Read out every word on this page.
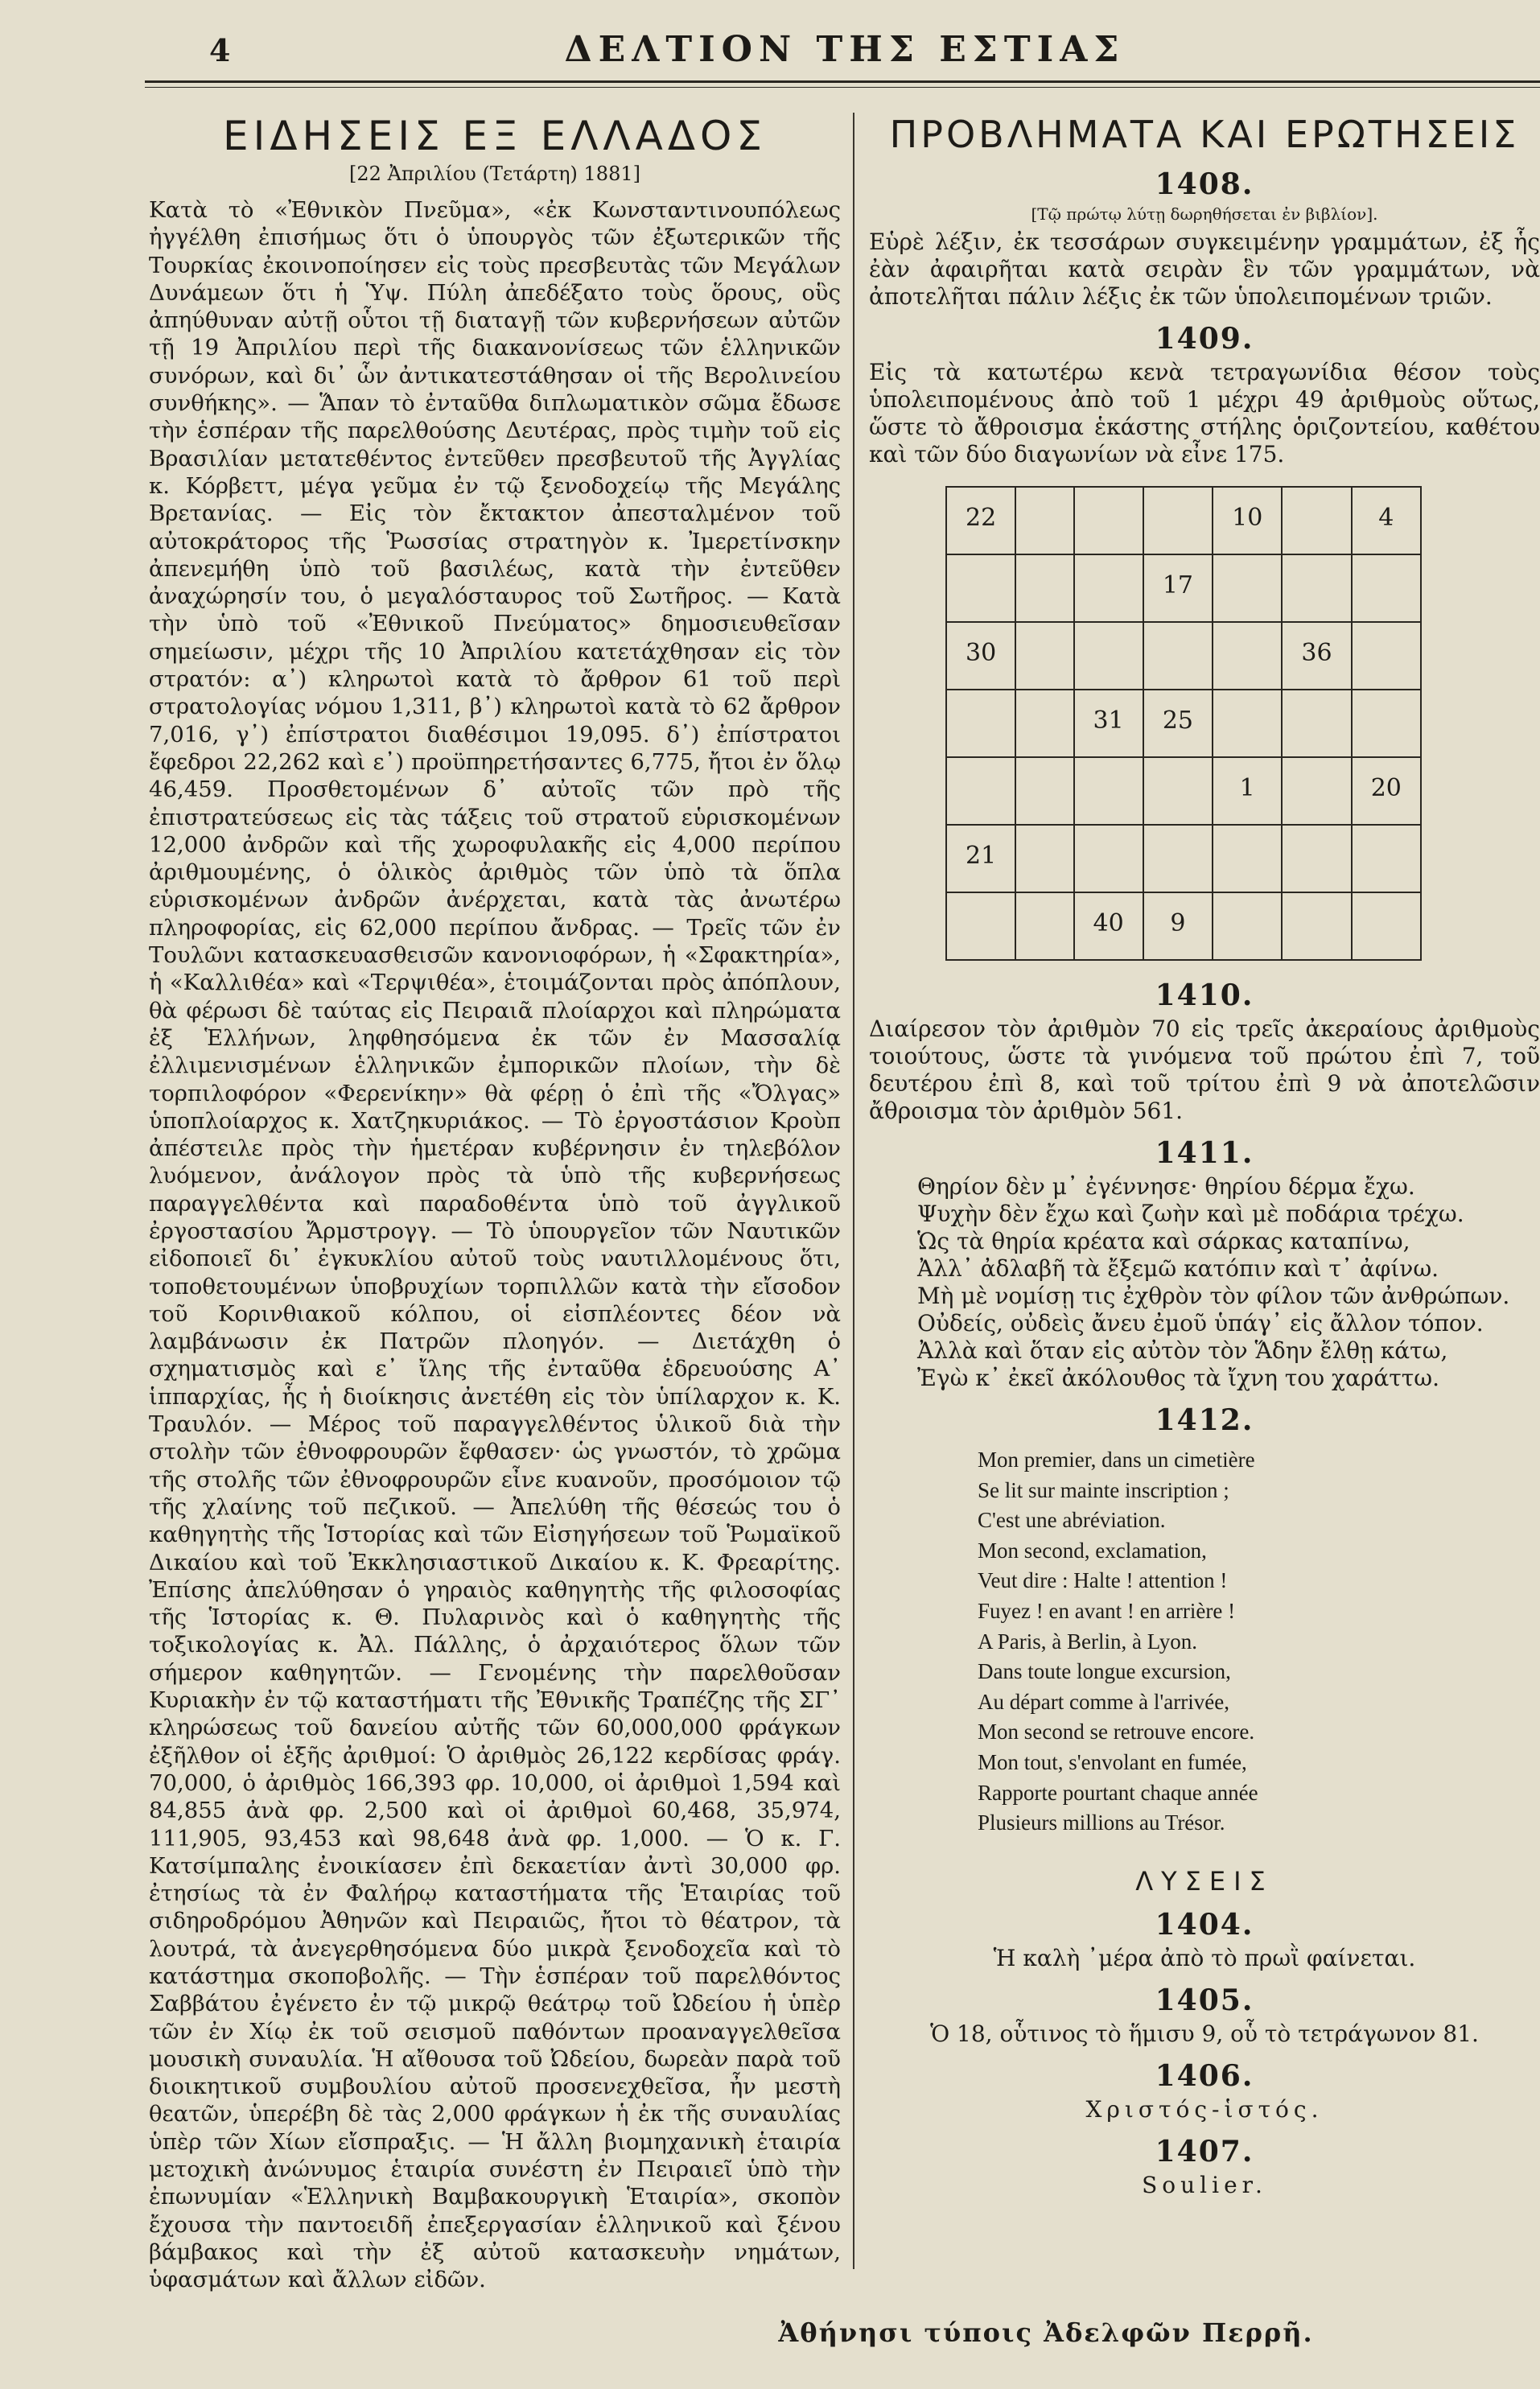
4	ΔΕΛΤΙΟΝ ΤΗΣ ΕΣΤΙΑΣ
ΕΙΔΗΣΕΙΣ ΕΞ ΕΛΛΑΔΟΣ
[22 Ἀπριλίου (Τετάρτη) 1881]

Κατὰ τὸ «Ἐθνικὸν Πνεῦμα», «ἐκ Κωνσταντινουπόλεως ἠγγέλθη ἐπισήμως ὅτι ὁ ὑπουργὸς τῶν ἐξωτερικῶν τῆς Τουρκίας ἐκοινοποίησεν εἰς τοὺς πρεσβευτὰς τῶν Μεγάλων Δυνάμεων ὅτι ἡ Ὑψ. Πύλη ἀπεδέξατο τοὺς ὅρους, οὓς ἀπηύθυναν αὐτῇ οὗτοι τῇ διαταγῇ τῶν κυβερνήσεων αὐτῶν τῇ 19 Ἀπριλίου περὶ τῆς διακανονίσεως τῶν ἑλληνικῶν συνόρων, καὶ δι᾽ ὧν ἀντικατεστάθησαν οἱ τῆς Βερολινείου συνθήκης». — Ἅπαν τὸ ἐνταῦθα διπλωματικὸν σῶμα ἔδωσε τὴν ἑσπέραν τῆς παρελθούσης Δευτέρας, πρὸς τιμὴν τοῦ εἰς Βρασιλίαν μετατεθέντος ἐντεῦθεν πρεσβευτοῦ τῆς Ἀγγλίας κ. Κόρβεττ, μέγα γεῦμα ἐν τῷ ξενοδοχείῳ τῆς Μεγάλης Βρετανίας. — Εἰς τὸν ἔκτακτον ἀπεσταλμένον τοῦ αὐτοκράτορος τῆς Ῥωσσίας στρατηγὸν κ. Ἰμερετίνσκην ἀπενεμήθη ὑπὸ τοῦ βασιλέως, κατὰ τὴν ἐντεῦθεν ἀναχώρησίν του, ὁ μεγαλόσταυρος τοῦ Σωτῆρος. — Κατὰ τὴν ὑπὸ τοῦ «Ἐθνικοῦ Πνεύματος» δημοσιευθεῖσαν σημείωσιν, μέχρι τῆς 10 Ἀπριλίου κατετάχθησαν εἰς τὸν στρατόν: α᾽) κληρωτοὶ κατὰ τὸ ἄρθρον 61 τοῦ περὶ στρατολογίας νόμου 1,311, β᾽) κληρωτοὶ κατὰ τὸ 62 ἄρθρον 7,016, γ᾽) ἐπίστρατοι διαθέσιμοι 19,095. δ᾽) ἐπίστρατοι ἔφεδροι 22,262 καὶ ε᾽) προϋπηρετήσαντες 6,775, ἤτοι ἐν ὅλῳ 46,459. Προσθετομένων δ᾽ αὐτοῖς τῶν πρὸ τῆς ἐπιστρατεύσεως εἰς τὰς τάξεις τοῦ στρατοῦ εὑρισκομένων 12,000 ἀνδρῶν καὶ τῆς χωροφυλακῆς εἰς 4,000 περίπου ἀριθμουμένης, ὁ ὁλικὸς ἀριθμὸς τῶν ὑπὸ τὰ ὅπλα εὑρισκομένων ἀνδρῶν ἀνέρχεται, κατὰ τὰς ἀνωτέρω πληροφορίας, εἰς 62,000 περίπου ἄνδρας. — Τρεῖς τῶν ἐν Τουλῶνι κατασκευασθεισῶν κανονιοφόρων, ἡ «Σφακτηρία», ἡ «Καλλιθέα» καὶ «Τερψιθέα», ἑτοιμάζονται πρὸς ἀπόπλουν, θὰ φέρωσι δὲ ταύτας εἰς Πειραιᾶ πλοίαρχοι καὶ πληρώματα ἐξ Ἑλλήνων, ληφθησόμενα ἐκ τῶν ἐν Μασσαλίᾳ ἐλλιμενισμένων ἑλληνικῶν ἐμπορικῶν πλοίων, τὴν δὲ τορπιλοφόρον «Φερενίκην» θὰ φέρῃ ὁ ἐπὶ τῆς «Ὄλγας» ὑποπλοίαρχος κ. Χατζηκυριάκος. — Τὸ ἐργοστάσιον Κροὺπ ἀπέστειλε πρὸς τὴν ἡμετέραν κυβέρνησιν ἐν τηλεβόλον λυόμενον, ἀνάλογον πρὸς τὰ ὑπὸ τῆς κυβερνήσεως παραγγελθέντα καὶ παραδοθέντα ὑπὸ τοῦ ἀγγλικοῦ ἐργοστασίου Ἄρμστρογγ. — Τὸ ὑπουργεῖον τῶν Ναυτικῶν εἰδοποιεῖ δι᾽ ἐγκυκλίου αὐτοῦ τοὺς ναυτιλλομένους ὅτι, τοποθετουμένων ὑποβρυχίων τορπιλλῶν κατὰ τὴν εἴσοδον τοῦ Κορινθιακοῦ κόλπου, οἱ εἰσπλέοντες δέον νὰ λαμβάνωσιν ἐκ Πατρῶν πλοηγόν. — Διετάχθη ὁ σχηματισμὸς καὶ ε᾽ ἴλης τῆς ἐνταῦθα ἑδρευούσης Α᾽ ἱππαρχίας, ἧς ἡ διοίκησις ἀνετέθη εἰς τὸν ὑπίλαρχον κ. Κ. Τραυλόν. — Μέρος τοῦ παραγγελθέντος ὑλικοῦ διὰ τὴν στολὴν τῶν ἐθνοφρουρῶν ἔφθασεν· ὡς γνωστόν, τὸ χρῶμα τῆς στολῆς τῶν ἐθνοφρουρῶν εἶνε κυανοῦν, προσόμοιον τῷ τῆς χλαίνης τοῦ πεζικοῦ. — Ἀπελύθη τῆς θέσεώς του ὁ καθηγητὴς τῆς Ἱστορίας καὶ τῶν Εἰσηγήσεων τοῦ Ῥωμαϊκοῦ Δικαίου καὶ τοῦ Ἐκκλησιαστικοῦ Δικαίου κ. Κ. Φρεαρίτης. Ἐπίσης ἀπελύθησαν ὁ γηραιὸς καθηγητὴς τῆς φιλοσοφίας τῆς Ἱστορίας κ. Θ. Πυλαρινὸς καὶ ὁ καθηγητὴς τῆς τοξικολογίας κ. Ἀλ. Πάλλης, ὁ ἀρχαιότερος ὅλων τῶν σήμερον καθηγητῶν. — Γενομένης τὴν παρελθοῦσαν Κυριακὴν ἐν τῷ καταστήματι τῆς Ἐθνικῆς Τραπέζης τῆς ΣΓ᾽ κληρώσεως τοῦ δανείου αὐτῆς τῶν 60,000,000 φράγκων ἐξῆλθον οἱ ἑξῆς ἀριθμοί: Ὁ ἀριθμὸς 26,122 κερδίσας φράγ. 70,000, ὁ ἀριθμὸς 166,393 φρ. 10,000, οἱ ἀριθμοὶ 1,594 καὶ 84,855 ἀνὰ φρ. 2,500 καὶ οἱ ἀριθμοὶ 60,468, 35,974, 111,905, 93,453 καὶ 98,648 ἀνὰ φρ. 1,000. — Ὁ κ. Γ. Κατσίμπαλης ἐνοικίασεν ἐπὶ δεκαετίαν ἀντὶ 30,000 φρ. ἐτησίως τὰ ἐν Φαλήρῳ καταστήματα τῆς Ἑταιρίας τοῦ σιδηροδρόμου Ἀθηνῶν καὶ Πειραιῶς, ἤτοι τὸ θέατρον, τὰ λουτρά, τὰ ἀνεγερθησόμενα δύο μικρὰ ξενοδοχεῖα καὶ τὸ κατάστημα σκοποβολῆς. — Τὴν ἑσπέραν τοῦ παρελθόντος Σαββάτου ἐγένετο ἐν τῷ μικρῷ θεάτρῳ τοῦ Ὠδείου ἡ ὑπὲρ τῶν ἐν Χίῳ ἐκ τοῦ σεισμοῦ παθόντων προαναγγελθεῖσα μουσικὴ συναυλία. Ἡ αἴθουσα τοῦ Ὠδείου, δωρεὰν παρὰ τοῦ διοικητικοῦ συμβουλίου αὐτοῦ προσενεχθεῖσα, ἦν μεστὴ θεατῶν, ὑπερέβη δὲ τὰς 2,000 φράγκων ἡ ἐκ τῆς συναυλίας ὑπὲρ τῶν Χίων εἴσπραξις. — Ἡ ἄλλη βιομηχανικὴ ἑταιρία μετοχικὴ ἀνώνυμος ἑταιρία συνέστη ἐν Πειραιεῖ ὑπὸ τὴν ἐπωνυμίαν «Ἑλληνικὴ Βαμβακουργικὴ Ἑταιρία», σκοπὸν ἔχουσα τὴν παντοειδῆ ἐπεξεργασίαν ἑλληνικοῦ καὶ ξένου βάμβακος καὶ τὴν ἐξ αὐτοῦ κατασκευὴν νημάτων, ὑφασμάτων καὶ ἄλλων εἰδῶν.

ΠΡΟΒΛΗΜΑΤΑ ΚΑΙ ΕΡΩΤΗΣΕΙΣ
1408.
[Τῷ πρώτῳ λύτῃ δωρηθήσεται ἐν βιβλίον].

Εὑρὲ λέξιν, ἐκ τεσσάρων συγκειμένην γραμμάτων, ἐξ ἧς ἐὰν ἀφαιρῆται κατὰ σειρὰν ἓν τῶν γραμμάτων, νὰ ἀποτελῆται πάλιν λέξις ἐκ τῶν ὑπολειπομένων τριῶν.

1409.

Εἰς τὰ κατωτέρω κενὰ τετραγωνίδια θέσον τοὺς ὑπολειπομένους ἀπὸ τοῦ 1 μέχρι 49 ἀριθμοὺς οὕτως, ὥστε τὸ ἄθροισμα ἑκάστης στήλης ὁριζοντείου, καθέτου καὶ τῶν δύο διαγωνίων νὰ εἶνε 175.

22				10		4
			17			
30					36	
		31	25			
				1		20
21						
		40	9			
1410.

Διαίρεσον τὸν ἀριθμὸν 70 εἰς τρεῖς ἀκεραίους ἀριθμοὺς τοιούτους, ὥστε τὰ γινόμενα τοῦ πρώτου ἐπὶ 7, τοῦ δευτέρου ἐπὶ 8, καὶ τοῦ τρίτου ἐπὶ 9 νὰ ἀποτελῶσιν ἄθροισμα τὸν ἀριθμὸν 561.

1411.
Θηρίον δὲν μ᾽ ἐγέννησε· θηρίου δέρμα ἔχω.
Ψυχὴν δὲν ἔχω καὶ ζωὴν καὶ μὲ ποδάρια τρέχω.
Ὡς τὰ θηρία κρέατα καὶ σάρκας καταπίνω,
Ἀλλ᾽ ἀδλαβῆ τὰ ἔξεμῶ κατόπιν καὶ τ᾽ ἀφίνω.
Μὴ μὲ νομίσῃ τις ἐχθρὸν τὸν φίλον τῶν ἀνθρώπων.
Οὐδείς, οὐδεὶς ἄνευ ἐμοῦ ὑπάγ᾽ εἰς ἄλλον τόπον.
Ἀλλὰ καὶ ὅταν εἰς αὐτὸν τὸν Ἅδην ἔλθῃ κάτω,
Ἐγὼ κ᾽ ἐκεῖ ἀκόλουθος τὰ ἴχνη του χαράττω.
1412.
Mon premier, dans un cimetière
Se lit sur mainte inscription ;
C'est une abréviation.
Mon second, exclamation,
Veut dire : Halte ! attention !
Fuyez ! en avant ! en arrière !
A Paris, à Berlin, à Lyon.
Dans toute longue excursion,
Au départ comme à l'arrivée,
Mon second se retrouve encore.
Mon tout, s'envolant en fumée,
Rapporte pourtant chaque année
Plusieurs millions au Trésor.
ΛΥΣΕΙΣ
1404.
Ἡ καλὴ ᾽μέρα ἀπὸ τὸ πρωῒ φαίνεται.
1405.
Ὁ 18, οὗτινος τὸ ἥμισυ 9, οὗ τὸ τετράγωνον 81.
1406.
Χριστός-ἱστός.
1407.
Soulier.
Ἀθήνησι τύποις Ἀδελφῶν Περρῆ.
